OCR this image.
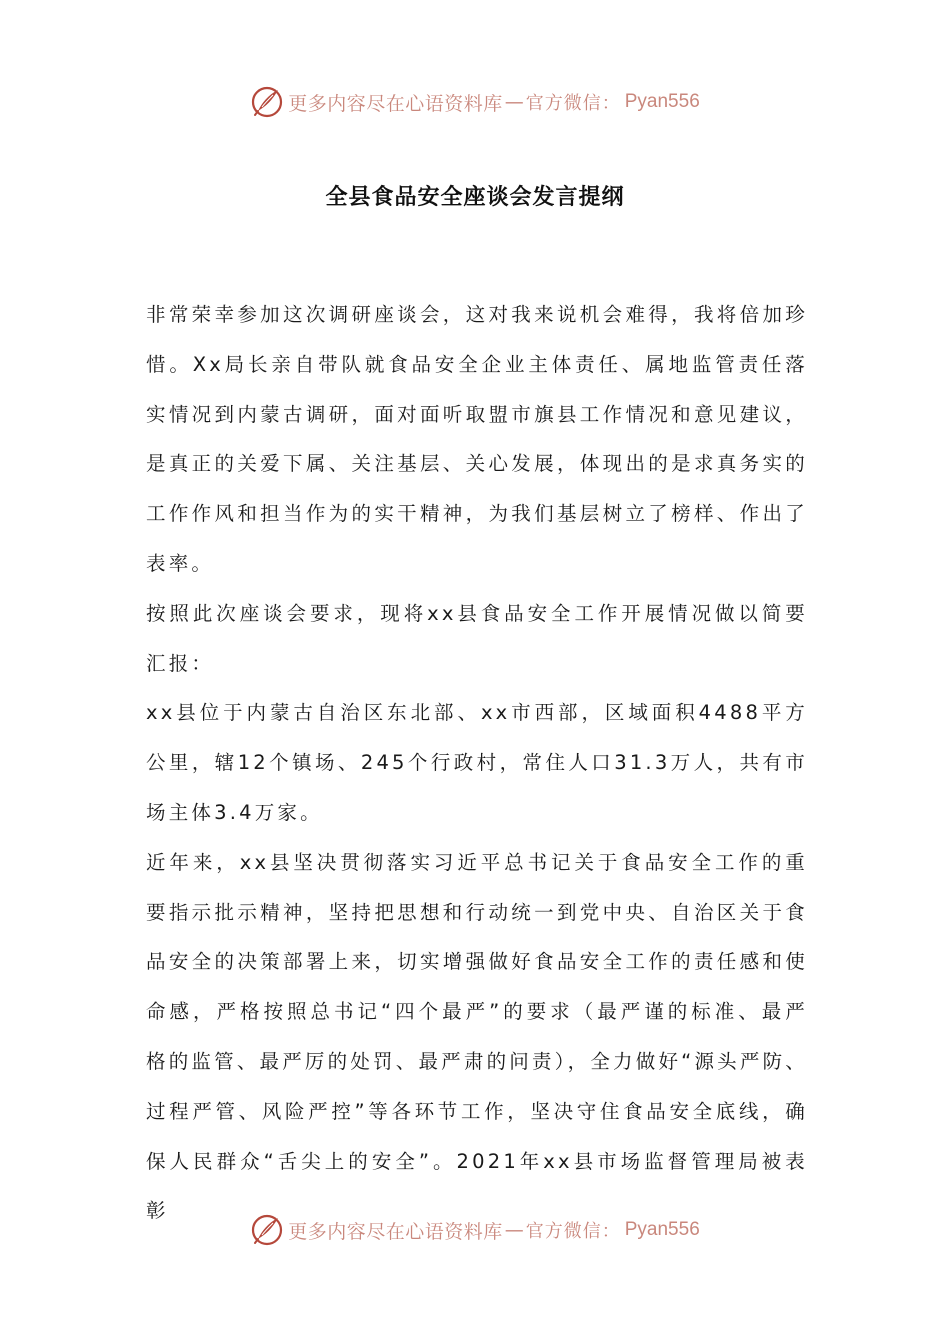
更多内容尽在心语资料库 — 官方微信： Pyan556
全县食品安全座谈会发言提纲

非常荣幸参加这次调研座谈会，这对我来说机会难得，我将倍加珍惜。Xx局长亲自带队就食品安全企业主体责任、属地监管责任落实情况到内蒙古调研，面对面听取盟市旗县工作情况和意见建议，是真正的关爱下属、关注基层、关心发展，体现出的是求真务实的工作作风和担当作为的实干精神，为我们基层树立了榜样、作出了表率。

按照此次座谈会要求，现将xx县食品安全工作开展情况做以简要汇报：

xx县位于内蒙古自治区东北部、xx市西部，区域面积4488平方公里，辖12个镇场、245个行政村，常住人口31.3万人，共有市场主体3.4万家。

近年来，xx县坚决贯彻落实习近平总书记关于食品安全工作的重要指示批示精神，坚持把思想和行动统一到党中央、自治区关于食品安全的决策部署上来，切实增强做好食品安全工作的责任感和使命感，严格按照总书记“四个最严”的要求（最严谨的标准、最严格的监管、最严厉的处罚、最严肃的问责），全力做好“源头严防、过程严管、风险严控”等各环节工作，坚决守住食品安全底线，确保人民群众“舌尖上的安全”。2021年xx县市场监督管理局被表彰

更多内容尽在心语资料库 — 官方微信： Pyan556
